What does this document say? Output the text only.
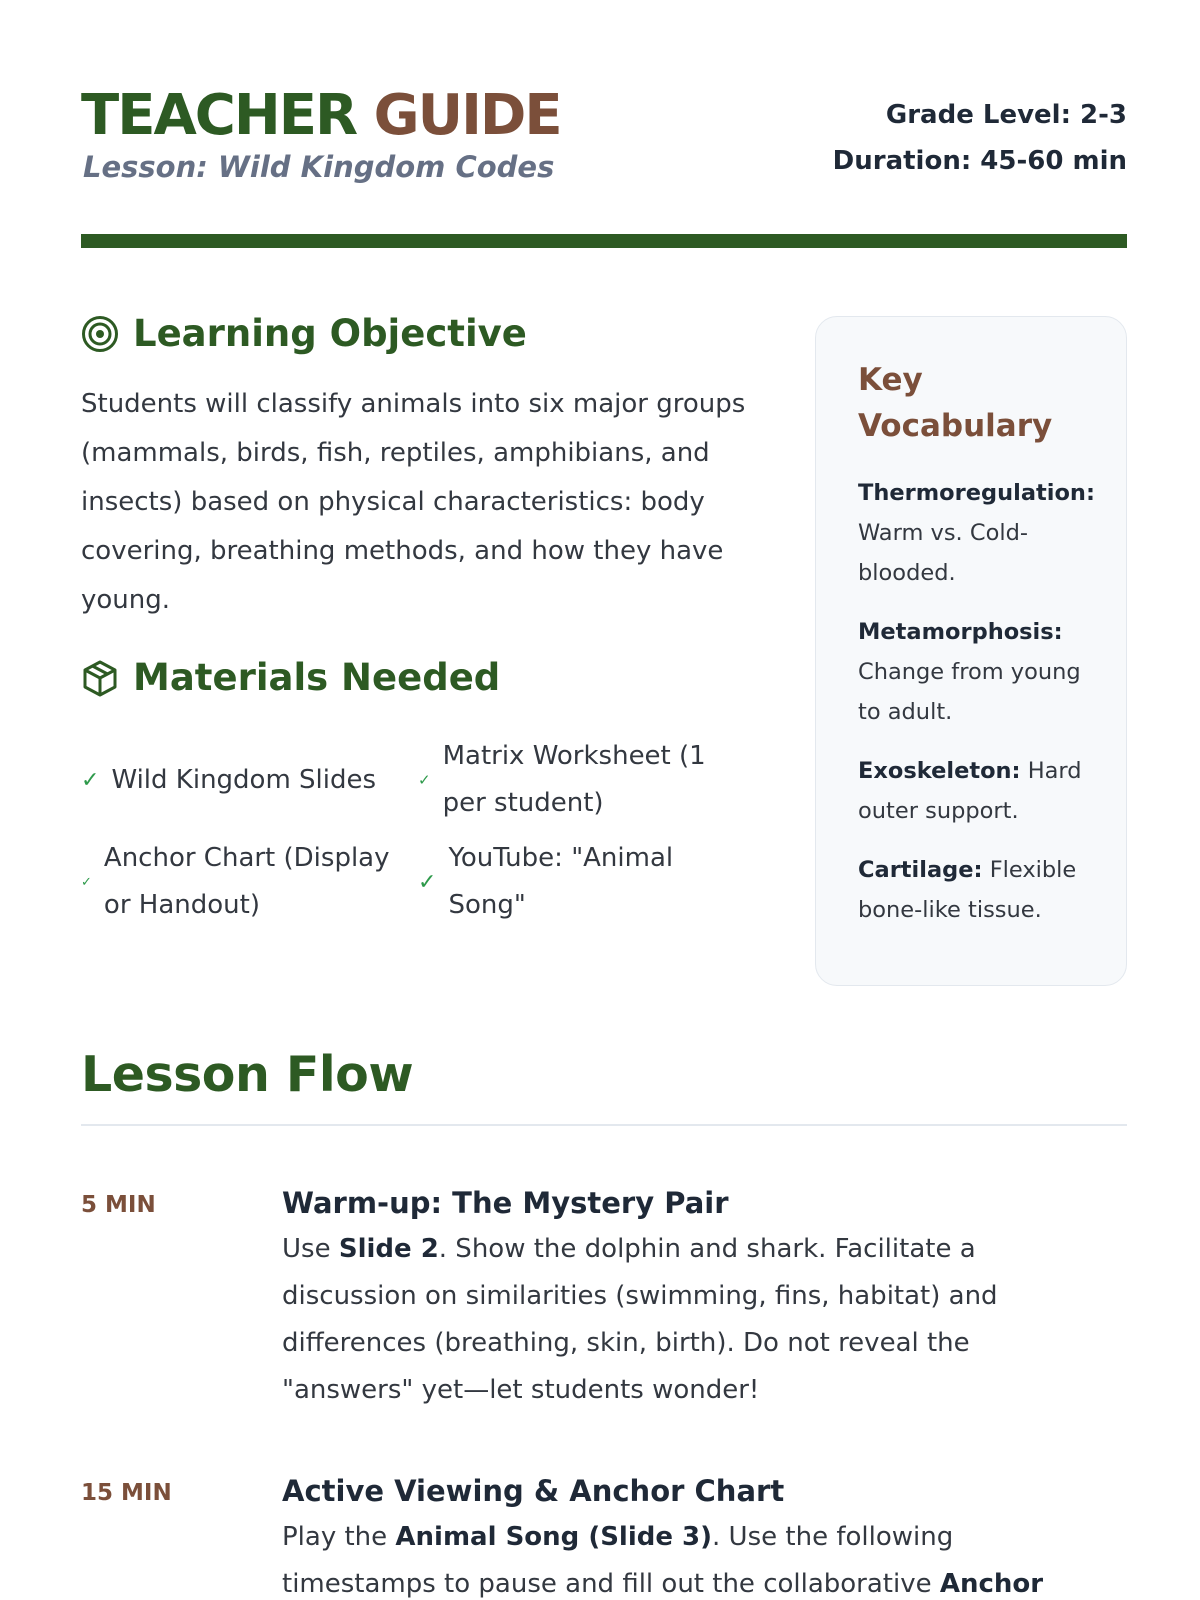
TEACHER GUIDE
Lesson: Wild Kingdom Codes
Grade Level: 2-3
Duration: 45-60 min
Learning Objective
Students will classify animals into six major groups (mammals, birds, fish, reptiles, amphibians, and insects) based on physical characteristics: body covering, breathing methods, and how they have young.
Materials Needed
✓ Wild Kingdom Slides	✓
Matrix Worksheet (1 per student)
✓
Anchor Chart (Display or Handout)
✓
YouTube: "Animal Song"
Key Vocabulary
Thermoregulation: Warm vs. Cold-blooded.
Metamorphosis: Change from young to adult.
Exoskeleton: Hard outer support.
Cartilage: Flexible bone-like tissue.
Lesson Flow
5 MIN	Warm-up: The Mystery Pair
Use Slide 2. Show the dolphin and shark. Facilitate a discussion on similarities (swimming, fins, habitat) and differences (breathing, skin, birth). Do not reveal the "answers" yet—let students wonder!
15 MIN	Active Viewing & Anchor Chart
Play the Animal Song (Slide 3). Use the following timestamps to pause and fill out the collaborative Anchor
